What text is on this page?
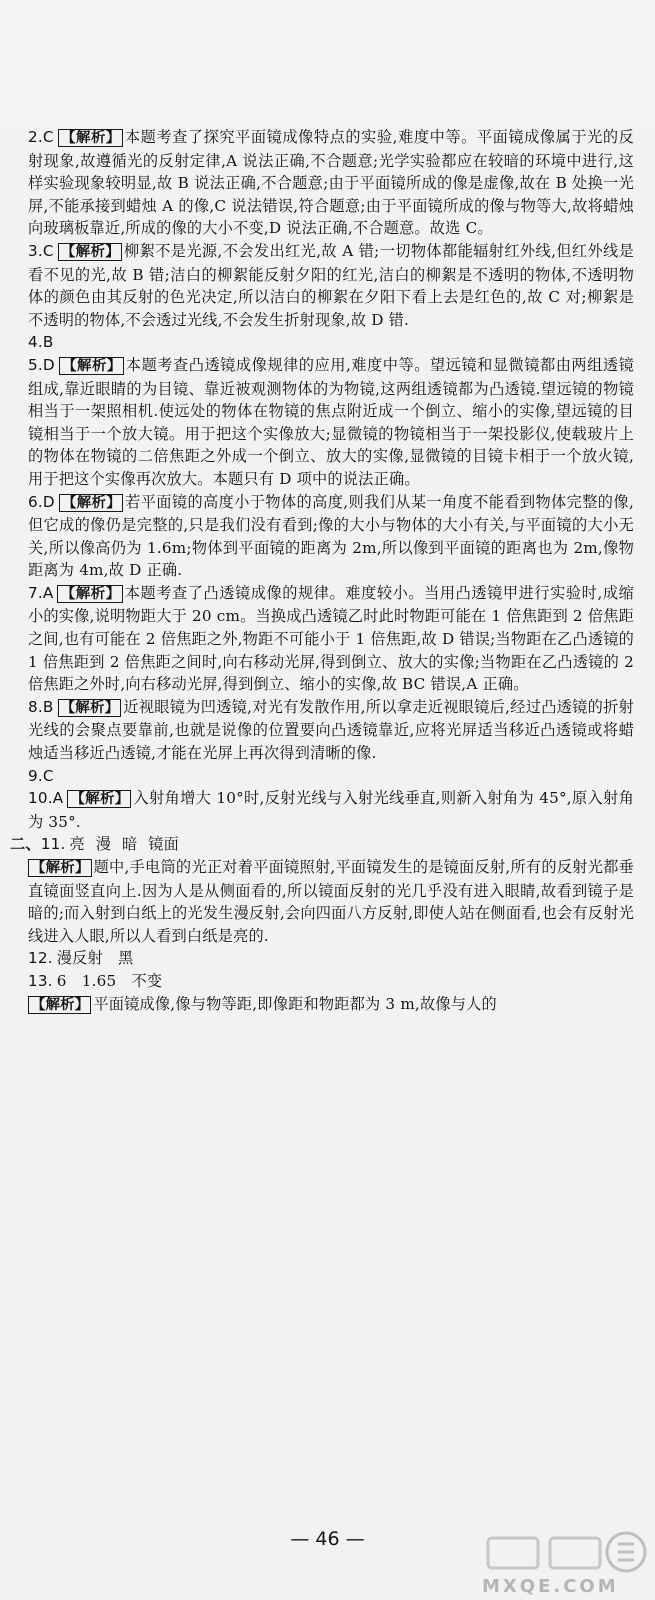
2.C 【解析】 本题考查了探究平面镜成像特点的实验,难度中等。平面镜成像属于光的反射现象,故遵循光的反射定律,A 说法正确,不合题意;光学实验都应在较暗的环境中进行,这样实验现象较明显,故 B 说法正确,不合题意;由于平面镜所成的像是虚像,故在 B 处换一光屏,不能承接到蜡烛 A 的像,C 说法错误,符合题意;由于平面镜所成的像与物等大,故将蜡烛向玻璃板靠近,所成的像的大小不变,D 说法正确,不合题意。故选 C。

3.C 【解析】 柳絮不是光源,不会发出红光,故 A 错;一切物体都能辐射红外线,但红外线是看不见的光,故 B 错;洁白的柳絮能反射夕阳的红光,洁白的柳絮是不透明的物体,不透明物体的颜色由其反射的色光决定,所以洁白的柳絮在夕阳下看上去是红色的,故 C 对;柳絮是不透明的物体,不会透过光线,不会发生折射现象,故 D 错.

4.B

5.D 【解析】 本题考查凸透镜成像规律的应用,难度中等。望远镜和显微镜都由两组透镜组成,靠近眼睛的为目镜、靠近被观测物体的为物镜,这两组透镜都为凸透镜.望远镜的物镜相当于一架照相机.使远处的物体在物镜的焦点附近成一个倒立、缩小的实像,望远镜的目镜相当于一个放大镜。用于把这个实像放大;显微镜的物镜相当于一架投影仪,使载玻片上的物体在物镜的二倍焦距之外成一个倒立、放大的实像,显微镜的目镜卡相于一个放火镜,用于把这个实像再次放大。本题只有 D 项中的说法正确。

6.D 【解析】 若平面镜的高度小于物体的高度,则我们从某一角度不能看到物体完整的像,但它成的像仍是完整的,只是我们没有看到;像的大小与物体的大小有关,与平面镜的大小无关,所以像高仍为 1.6m;物体到平面镜的距离为 2m,所以像到平面镜的距离也为 2m,像物距离为 4m,故 D 正确.

7.A 【解析】 本题考查了凸透镜成像的规律。难度较小。当用凸透镜甲进行实验时,成缩小的实像,说明物距大于 20 cm。当换成凸透镜乙时此时物距可能在 1 倍焦距到 2 倍焦距之间,也有可能在 2 倍焦距之外,物距不可能小于 1 倍焦距,故 D 错误;当物距在乙凸透镜的 1 倍焦距到 2 倍焦距之间时,向右移动光屏,得到倒立、放大的实像;当物距在乙凸透镜的 2 倍焦距之外时,向右移动光屏,得到倒立、缩小的实像,故 BC 错误,A 正确。

8.B 【解析】 近视眼镜为凹透镜,对光有发散作用,所以拿走近视眼镜后,经过凸透镜的折射光线的会聚点要靠前,也就是说像的位置要向凸透镜靠近,应将光屏适当移近凸透镜或将蜡烛适当移近凸透镜,才能在光屏上再次得到清晰的像.

9.C

10.A 【解析】 入射角增大 10°时,反射光线与入射光线垂直,则新入射角为 45°,原入射角为 35°.

二、11. 亮 漫 暗 镜面

【解析】 题中,手电筒的光正对着平面镜照射,平面镜发生的是镜面反射,所有的反射光都垂直镜面竖直向上.因为人是从侧面看的,所以镜面反射的光几乎没有进入眼睛,故看到镜子是暗的;而入射到白纸上的光发生漫反射,会向四面八方反射,即使人站在侧面看,也会有反射光线进入人眼,所以人看到白纸是亮的.

12. 漫反射 黑

13. 6 1.65 不变

【解析】 平面镜成像,像与物等距,即像距和物距都为 3 m,故像与人的

— 46 —
MXQE.COM
